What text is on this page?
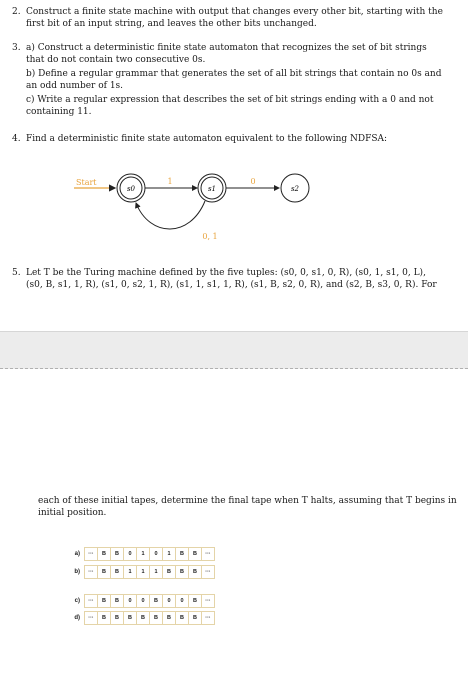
2. Construct a finite state machine with output that changes every other bit, starting with the

first bit of an input string, and leaves the other bits unchanged.

3. a) Construct a deterministic finite state automaton that recognizes the set of bit strings

that do not contain two consecutive 0s.

b) Define a regular grammar that generates the set of all bit strings that contain no 0s and

an odd number of 1s.

c) Write a regular expression that describes the set of bit strings ending with a 0 and not

containing 11.

4. Find a deterministic finite state automaton equivalent to the following NDFSA:

Start
s0
1
s1
0
s2
0, 1
5. Let T be the Turing machine defined by the five tuples: (s0, 0, s1, 0, R), (s0, 1, s1, 0, L),

(s0, B, s1, 1, R), (s1, 0, s2, 1, R), (s1, 1, s1, 1, R), (s1, B, s2, 0, R), and (s2, B, s3, 0, R). For

each of these initial tapes, determine the final tape when T halts, assuming that T begins in

initial position.

a)	···	B	B	0	1	0	1	B	B	···
b)	···	B	B	1	1	1	B	B	B	···
c)	···	B	B	0	0	B	0	0	B	···
d)	···	B	B	B	B	B	B	B	B	···
